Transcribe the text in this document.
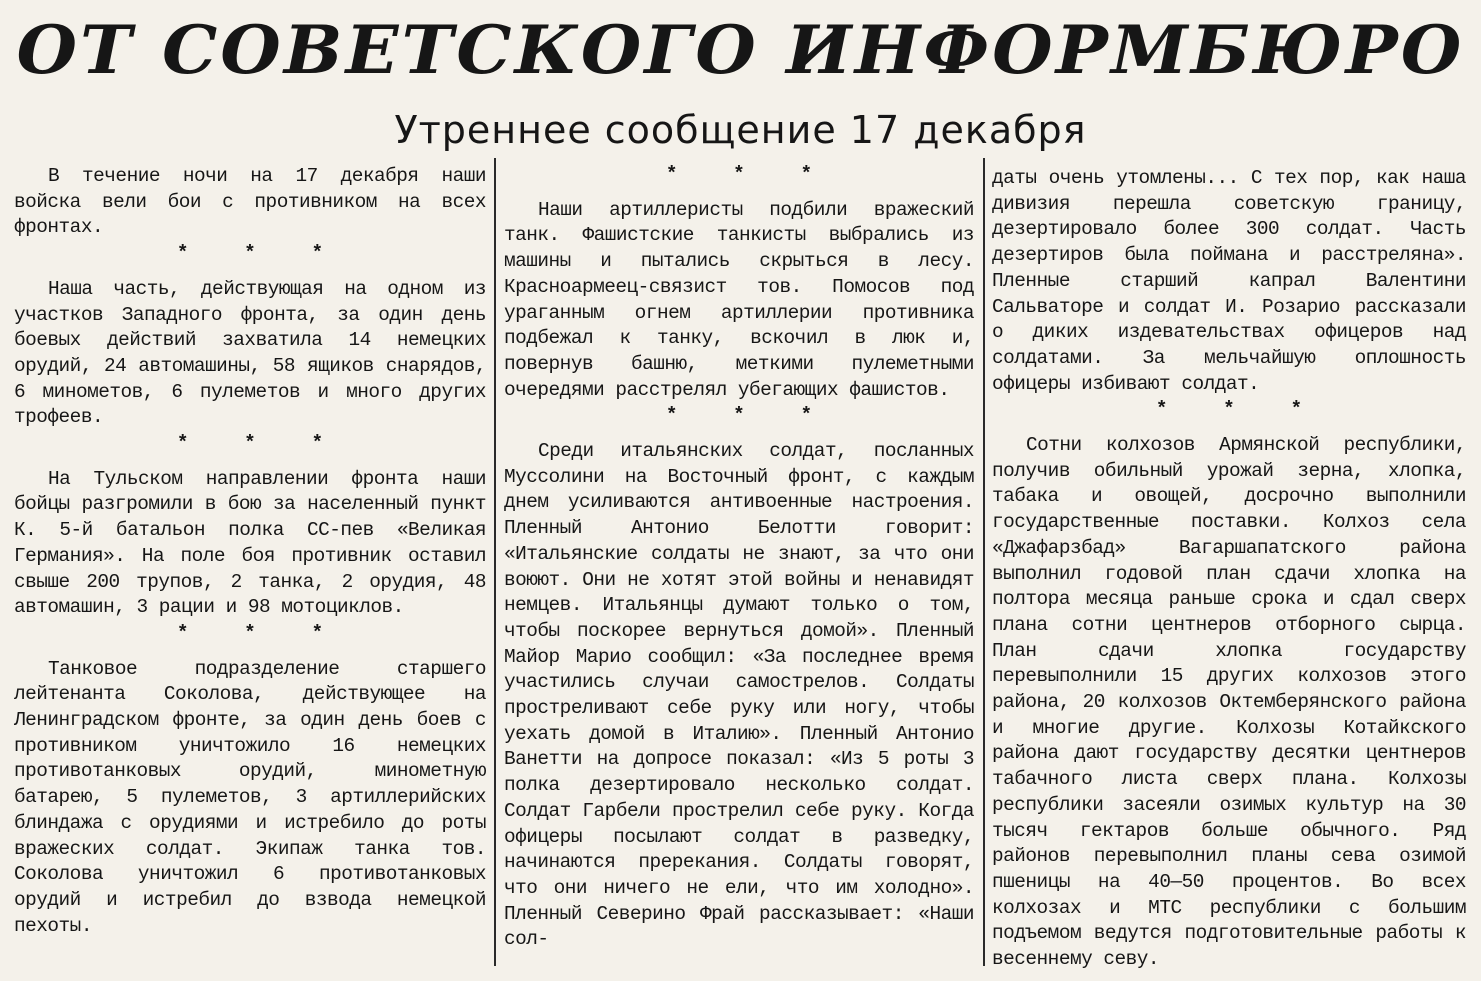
ОТ СОВЕТСКОГО ИНФОРМБЮРО
Утреннее сообщение 17 декабря

В течение ночи на 17 декабря наши войска вели бои с противником на всех фронтах.

* * *

Наша часть, действующая на одном из участков Западного фронта, за один день боевых действий захватила 14 немецких орудий, 24 автомашины, 58 ящиков снарядов, 6 минометов, 6 пулеметов и много других трофеев.

* * *

На Тульском направлении фронта наши бойцы разгромили в бою за населенный пункт К. 5-й батальон полка СС-пев «Великая Германия». На поле боя противник оставил свыше 200 трупов, 2 танка, 2 орудия, 48 автомашин, 3 рации и 98 мотоциклов.

* * *

Танковое подразделение старшего лейтенанта Соколова, действующее на Ленинградском фронте, за один день боев с противником уничтожило 16 немецких противотанковых орудий, минометную батарею, 5 пулеметов, 3 артиллерийских блиндажа с орудиями и истребило до роты вражеских солдат. Экипаж танка тов. Соколова уничтожил 6 противотанковых орудий и истребил до взвода немецкой пехоты.

* * *

Наши артиллеристы подбили вражеский танк. Фашистские танкисты выбрались из машины и пытались скрыться в лесу. Красноармеец-связист тов. Помосов под ураганным огнем артиллерии противника подбежал к танку, вскочил в люк и, повернув башню, меткими пулеметными очередями расстрелял убегающих фашистов.

* * *

Среди итальянских солдат, посланных Муссолини на Восточный фронт, с каждым днем усиливаются антивоенные настроения. Пленный Антонио Белотти говорит: «Итальянские солдаты не знают, за что они воюют. Они не хотят этой войны и ненавидят немцев. Итальянцы думают только о том, чтобы поскорее вернуться домой». Пленный Майор Марио сообщил: «За последнее время участились случаи самострелов. Солдаты простреливают себе руку или ногу, чтобы уехать домой в Италию». Пленный Антонио Ванетти на допросе показал: «Из 5 роты 3 полка дезертировало несколько солдат. Солдат Гарбели прострелил себе руку. Когда офицеры посылают солдат в разведку, начинаются пререкания. Солдаты говорят, что они ничего не ели, что им холодно». Пленный Северино Фрай рассказывает: «Наши сол-

даты очень утомлены... С тех пор, как наша дивизия перешла советскую границу, дезертировало более 300 солдат. Часть дезертиров была поймана и расстреляна». Пленные старший капрал Валентини Сальваторе и солдат И. Розарио рассказали о диких издевательствах офицеров над солдатами. За мельчайшую оплошность офицеры избивают солдат.

* * *

Сотни колхозов Армянской республики, получив обильный урожай зерна, хлопка, табака и овощей, досрочно выполнили государственные поставки. Колхоз села «Джафарзбад» Вагаршапатского района выполнил годовой план сдачи хлопка на полтора месяца раньше срока и сдал сверх плана сотни центнеров отборного сырца. План сдачи хлопка государству перевыполнили 15 других колхозов этого района, 20 колхозов Октемберянского района и многие другие. Колхозы Котайкского района дают государству десятки центнеров табачного листа сверх плана. Колхозы республики засеяли озимых культур на 30 тысяч гектаров больше обычного. Ряд районов перевыполнил планы сева озимой пшеницы на 40—50 процентов. Во всех колхозах и МТС республики с большим подъемом ведутся подготовительные работы к весеннему севу.
